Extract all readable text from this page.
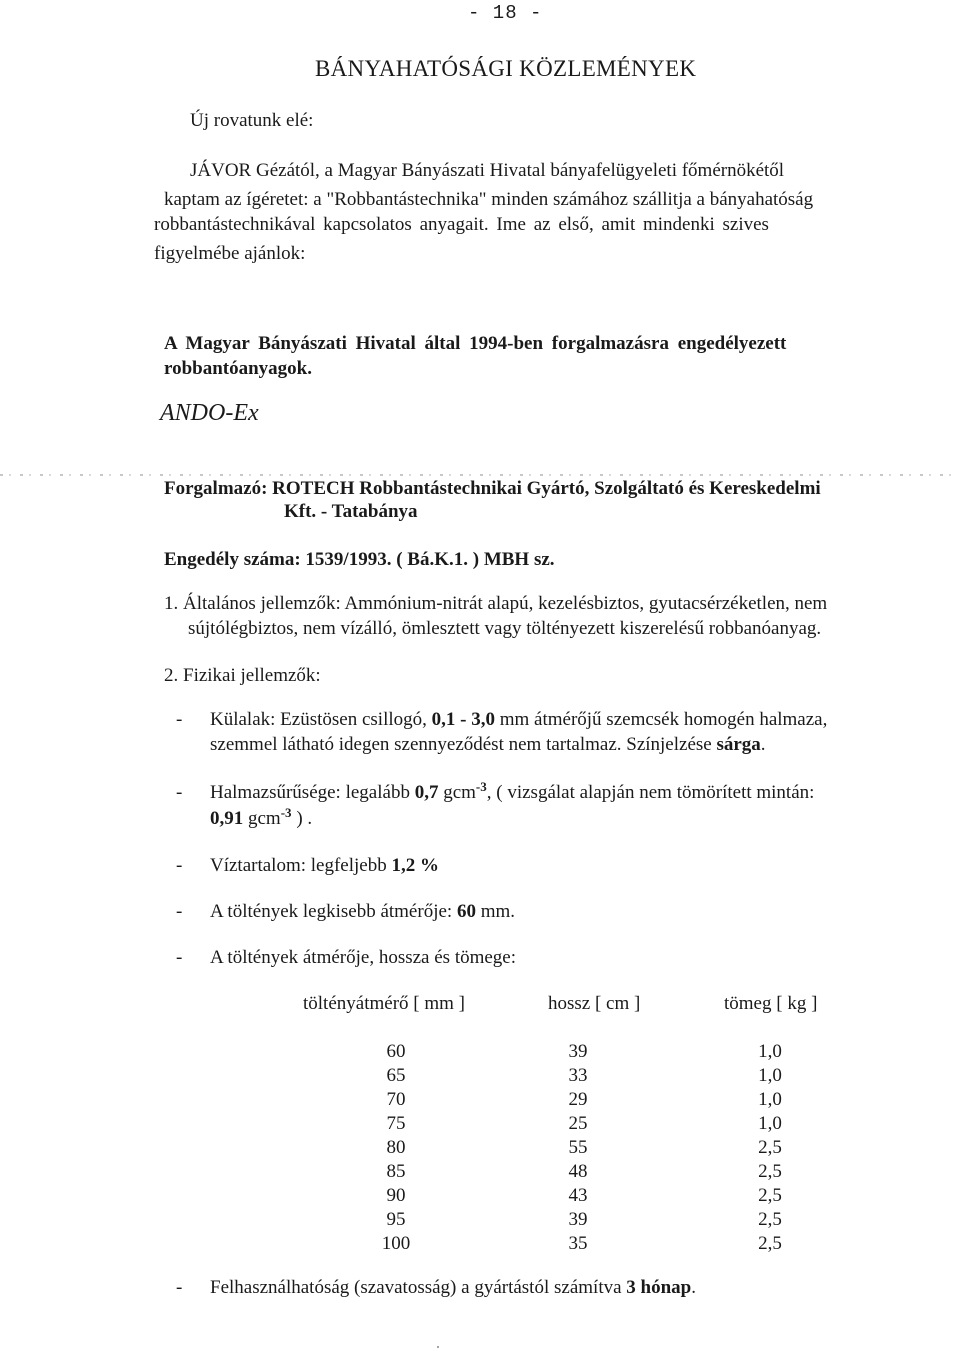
- 18 -
BÁNYAHATÓSÁGI KÖZLEMÉNYEK
Új rovatunk elé:
JÁVOR Gézától, a Magyar Bányászati Hivatal bányafelügyeleti főmérnökétől
kaptam az ígéretet: a "Robbantástechnika" minden számához szállitja a bányahatóság
robbantástechnikával kapcsolatos anyagait. Ime az első, amit mindenki szives
figyelmébe ajánlok:
A Magyar Bányászati Hivatal által 1994-ben forgalmazásra engedélyezett
robbantóanyagok.
ANDO-Ex
Forgalmazó: ROTECH Robbantástechnikai Gyártó, Szolgáltató és Kereskedelmi
Kft. - Tatabánya
Engedély száma: 1539/1993. ( Bá.K.1. ) MBH sz.
1. Általános jellemzők: Ammónium-nitrát alapú, kezelésbiztos, gyutacsérzéketlen, nem
sújtólégbiztos, nem vízálló, ömlesztett vagy töltényezett kiszerelésű robbanóanyag.
2. Fizikai jellemzők:
- Külalak: Ezüstösen csillogó, 0,1 - 3,0 mm átmérőjű szemcsék homogén halmaza,
szemmel látható idegen szennyeződést nem tartalmaz. Színjelzése sárga.
- Halmazsűrűsége: legalább 0,7 gcm$^{-3}$, ( vizsgálat alapján nem tömörített mintán:
0,91 gcm$^{-3}$ ) .
- Víztartalom: legfeljebb 1,2 %
- A töltények legkisebb átmérője: 60 mm.
- A töltények átmérője, hossza és tömege:
töltényátmérő [ mm ]	hossz [ cm ]	tömeg [ kg ]
60	39	1,0
65	33	1,0
70	29	1,0
75	25	1,0
80	55	2,5
85	48	2,5
90	43	2,5
95	39	2,5
100	35	2,5
- Felhasználhatóság (szavatosság) a gyártástól számítva 3 hónap.
